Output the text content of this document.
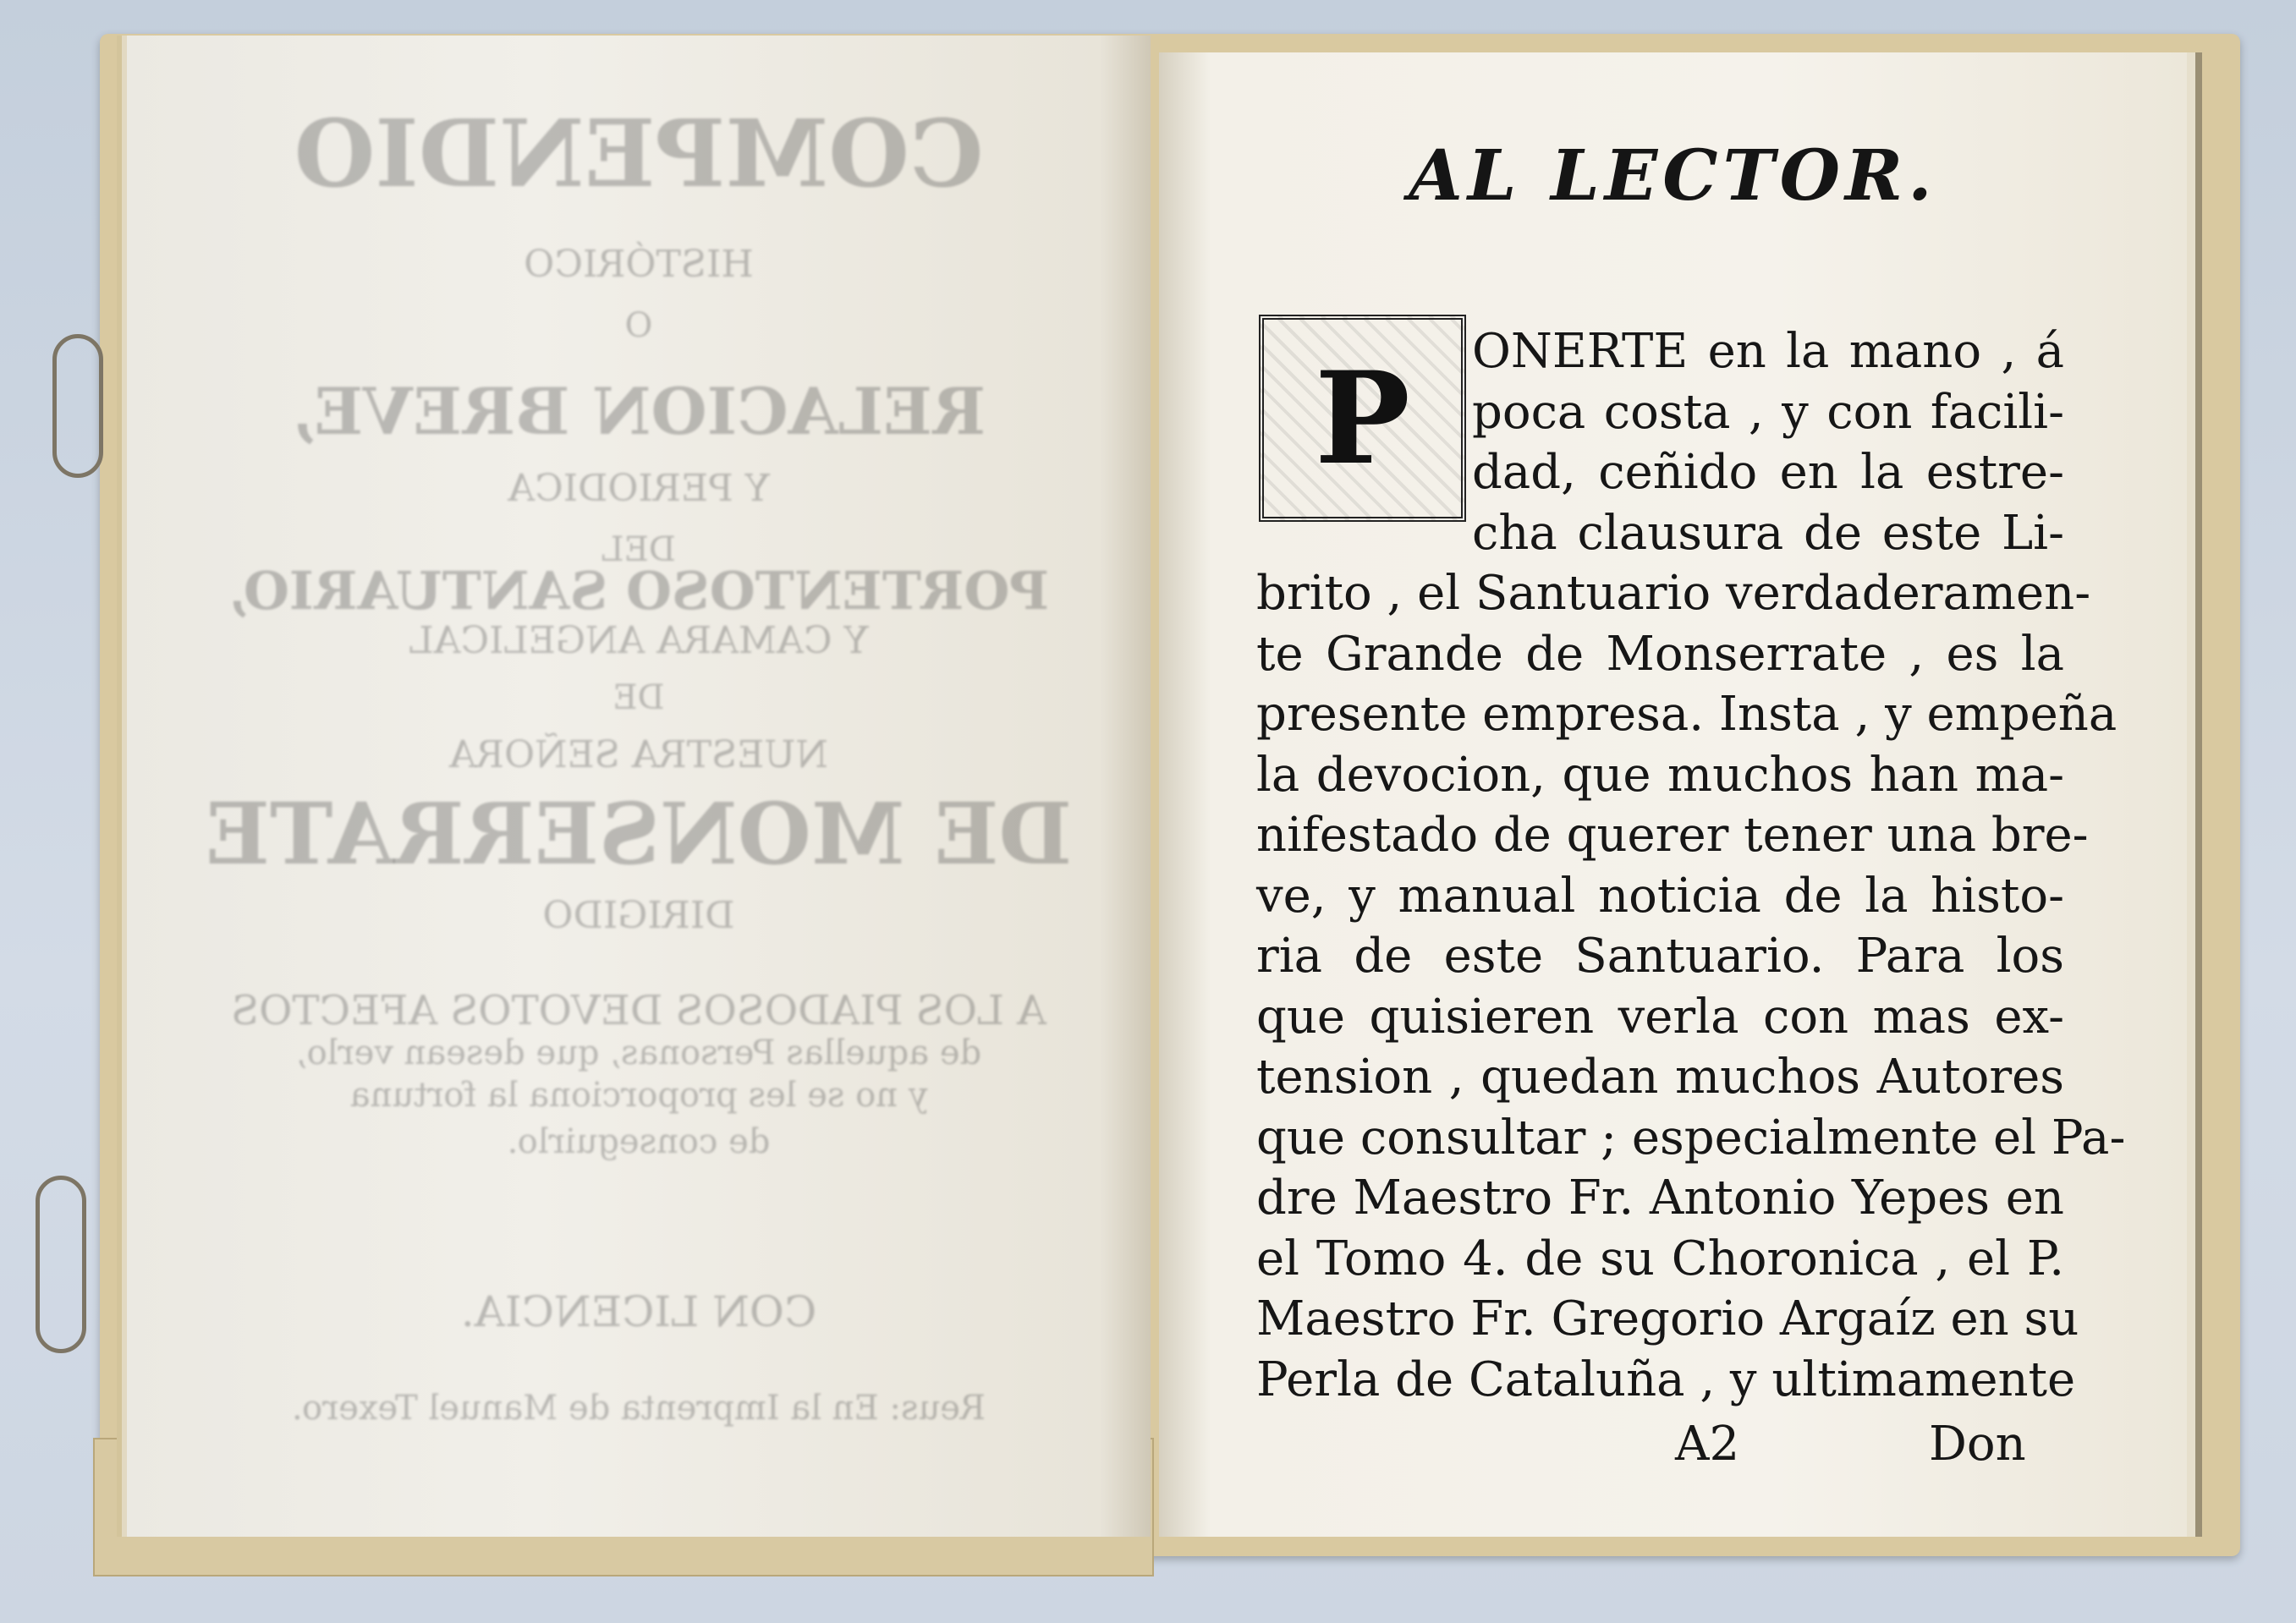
COMPENDIO
HISTÓRICO
O
RELACION BREVE,
Y PERIODICA
DEL
PORTENTOSO SANTUARIO,
Y CAMARA ANGELICAL
DE
NUESTRA SEÑORA
DE MONSERRATE
DIRIGIDO
A LOS PIADOSOS DEVOTOS AFECTOS
de aquellas Personas, que desean verlo,
y no se les proporciona la fortuna
de conseguirlo.
CON LICENCIA.
Reus: En la Imprenta de Manuel Texero.
AL LECTOR.
P	ONERTE en la mano , á
poca costa , y con facili-
dad, ceñido en la estre-
cha clausura de este Li-
brito , el Santuario verdaderamen-
te Grande de Monserrate , es la
presente empresa. Insta , y empeña
la devocion, que muchos han ma-
nifestado de querer tener una bre-
ve, y manual noticia de la histo-
ria de este Santuario. Para los
que quisieren verla con mas ex-
tension , quedan muchos Autores
que consultar ; especialmente el Pa-
dre Maestro Fr. Antonio Yepes en
el Tomo 4. de su Choronica , el P.
Maestro Fr. Gregorio Argaíz en su
Perla de Cataluña , y ultimamente
A2	Don
